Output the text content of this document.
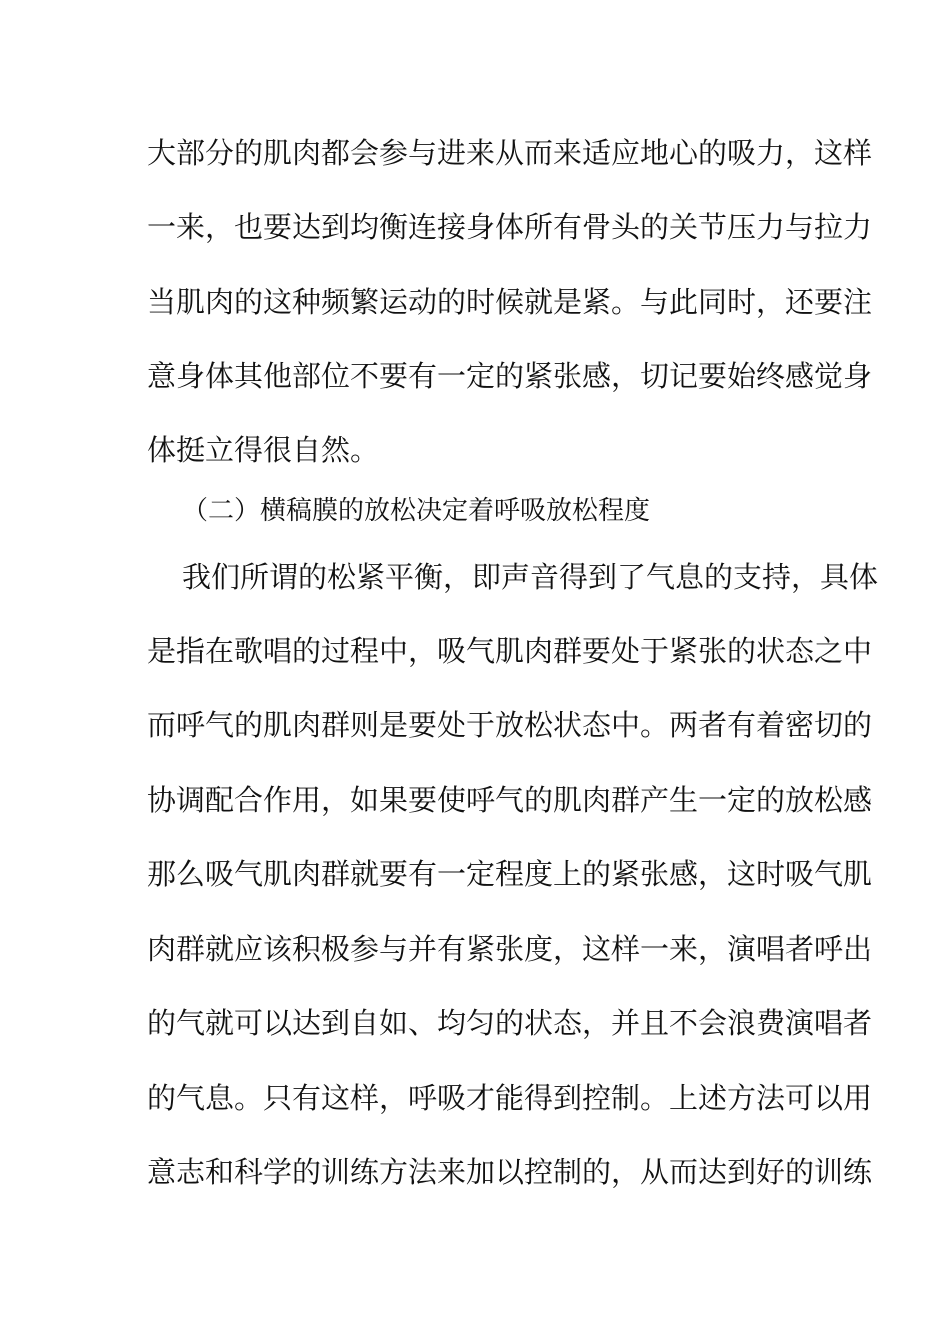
大部分的肌肉都会参与进来从而来适应地心的吸力，这样
一来，也要达到均衡连接身体所有骨头的关节压力与拉力
当肌肉的这种频繁运动的时候就是紧。与此同时，还要注
意身体其他部位不要有一定的紧张感，切记要始终感觉身
体挺立得很自然。
（二）横稿膜的放松决定着呼吸放松程度
我们所谓的松紧平衡，即声音得到了气息的支持，具体
是指在歌唱的过程中，吸气肌肉群要处于紧张的状态之中
而呼气的肌肉群则是要处于放松状态中。两者有着密切的
协调配合作用，如果要使呼气的肌肉群产生一定的放松感
那么吸气肌肉群就要有一定程度上的紧张感，这时吸气肌
肉群就应该积极参与并有紧张度，这样一来，演唱者呼出
的气就可以达到自如、均匀的状态，并且不会浪费演唱者
的气息。只有这样，呼吸才能得到控制。上述方法可以用
意志和科学的训练方法来加以控制的，从而达到好的训练
